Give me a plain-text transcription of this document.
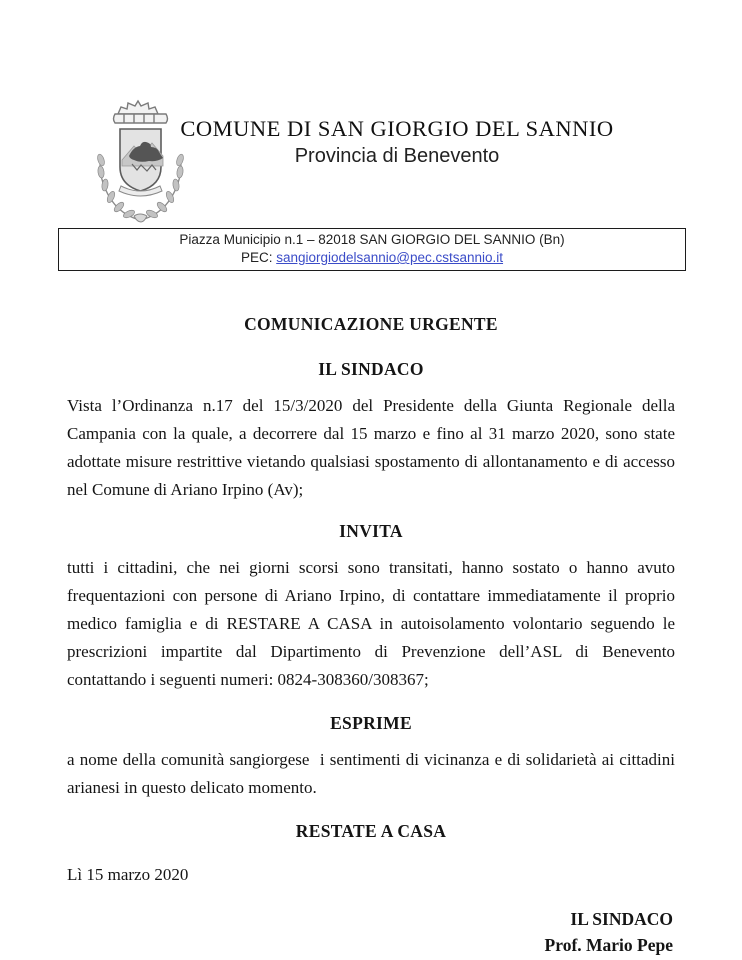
COMUNE DI SAN GIORGIO DEL SANNIO
Provincia di Benevento
Piazza Municipio n.1 – 82018 SAN GIORGIO DEL SANNIO (Bn)
PEC: sangiorgiodelsannio@pec.cstsannio.it

COMUNICAZIONE URGENTE

IL SINDACO

Vista l’Ordinanza n.17 del 15/3/2020 del Presidente della Giunta Regionale della Campania con la quale, a decorrere dal 15 marzo e fino al 31 marzo 2020, sono state adottate misure restrittive vietando qualsiasi spostamento di allontanamento e di accesso nel Comune di Ariano Irpino (Av);

INVITA

tutti i cittadini, che nei giorni scorsi sono transitati, hanno sostato o hanno avuto frequentazioni con persone di Ariano Irpino, di contattare immediatamente il proprio medico famiglia e di RESTARE A CASA in autoisolamento volontario seguendo le prescrizioni impartite dal Dipartimento di Prevenzione dell’ASL di Benevento contattando i seguenti numeri: 0824-308360/308367;

ESPRIME

a nome della comunità sangiorgese  i sentimenti di vicinanza e di solidarietà ai cittadini arianesi in questo delicato momento.

RESTATE A CASA

Lì 15 marzo 2020

IL SINDACO
Prof. Mario Pepe
